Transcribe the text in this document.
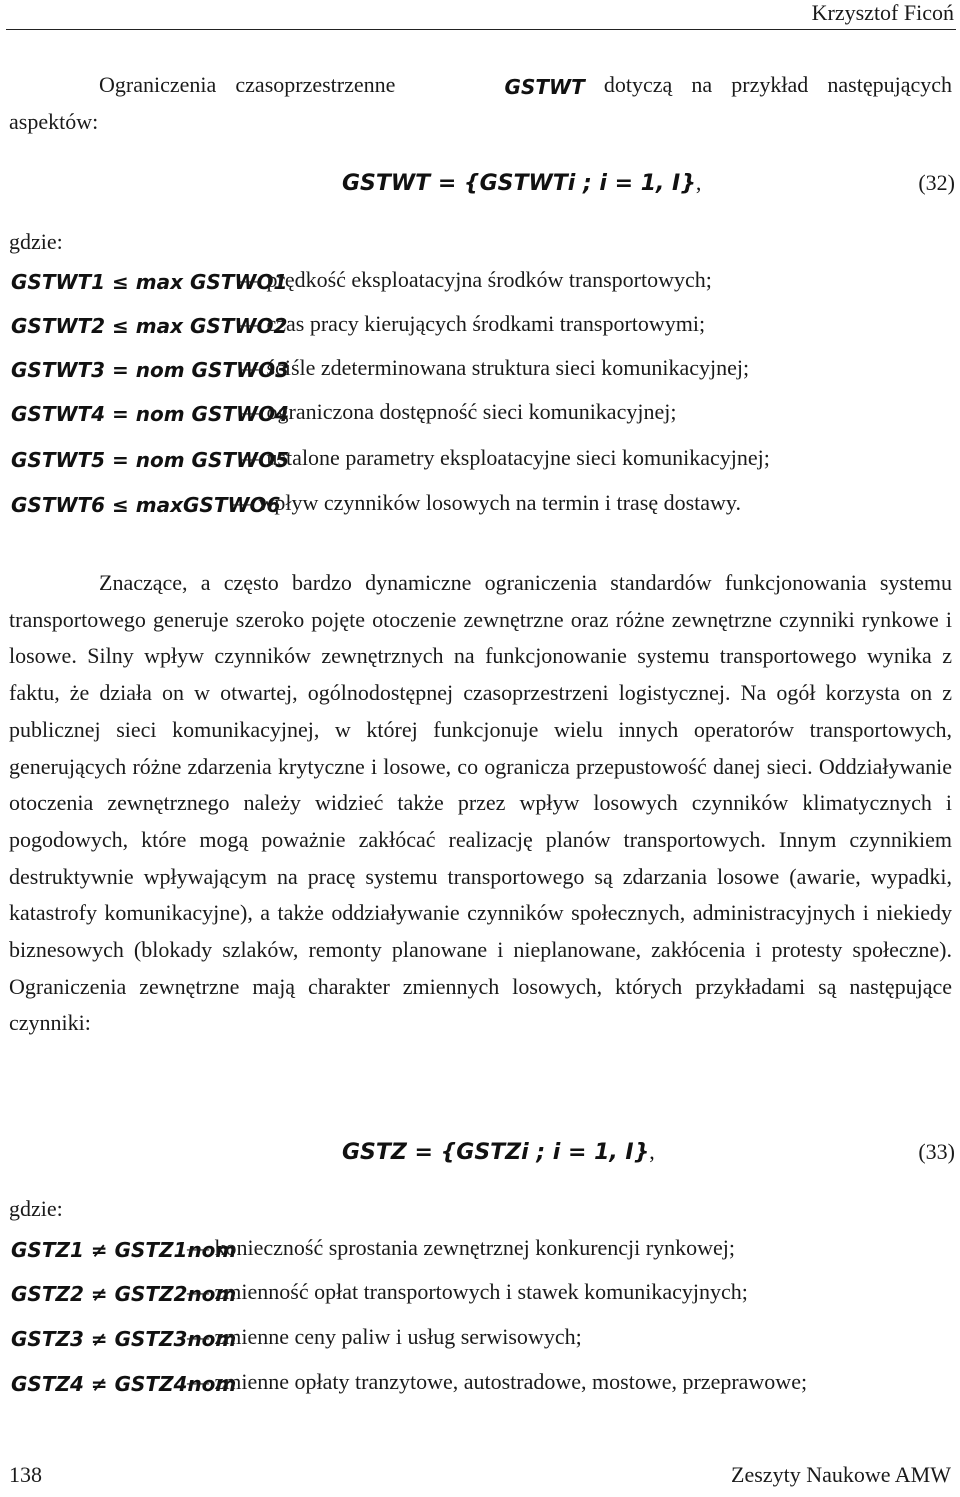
Krzysztof Ficoń
Ograniczenia czasoprzestrzenne	GSTWT dotyczą na przykład następujących aspektów:
GSTWT = {GSTWTi ; i = 1, I},	(32)
gdzie:
GSTWT1 ≤ max GSTWO1
— prędkość eksploatacyjna środków transportowych;
GSTWT2 ≤ max GSTWO2
— czas pracy kierujących środkami transportowymi;
GSTWT3 = nom GSTWO3
— ściśle zdeterminowana struktura sieci komunikacyjnej;
GSTWT4 = nom GSTWO4
— ograniczona dostępność sieci komunikacyjnej;
GSTWT5 = nom GSTWO5
— ustalone parametry eksploatacyjne sieci komunikacyjnej;
GSTWT6 ≤ maxGSTWO6
— wpływ czynników losowych na termin i trasę dostawy.
Znaczące, a często bardzo dynamiczne ograniczenia standardów funkcjonowania systemu transportowego generuje szeroko pojęte otoczenie zewnętrzne oraz różne zewnętrzne czynniki rynkowe i losowe. Silny wpływ czynników zewnętrznych na funkcjonowanie systemu transportowego wynika z faktu, że działa on w otwartej, ogólnodostępnej czasoprzestrzeni logistycznej. Na ogół korzysta on z publicznej sieci komunikacyjnej, w której funkcjonuje wielu innych operatorów transportowych, generujących różne zdarzenia krytyczne i losowe, co ogranicza przepustowość danej sieci. Oddziaływanie otoczenia zewnętrznego należy widzieć także przez wpływ losowych czynników klimatycznych i pogodowych, które mogą poważnie zakłócać realizację planów transportowych. Innym czynnikiem destruktywnie wpływającym na pracę systemu transportowego są zdarzania losowe (awarie, wypadki, katastrofy komunikacyjne), a także oddziaływanie czynników społecznych, administracyjnych i niekiedy biznesowych (blokady szlaków, remonty planowane i nieplanowane, zakłócenia i protesty społeczne). Ograniczenia zewnętrzne mają charakter zmiennych losowych, których przykładami są następujące czynniki:
GSTZ = {GSTZi ; i = 1, I},	(33)
gdzie:
GSTZ1 ≠ GSTZ1nom
— konieczność sprostania zewnętrznej konkurencji rynkowej;
GSTZ2 ≠ GSTZ2nom
— zmienność opłat transportowych i stawek komunikacyjnych;
GSTZ3 ≠ GSTZ3nom
— zmienne ceny paliw i usług serwisowych;
GSTZ4 ≠ GSTZ4nom
— zmienne opłaty tranzytowe, autostradowe, mostowe, przeprawowe;
138	Zeszyty Naukowe AMW
